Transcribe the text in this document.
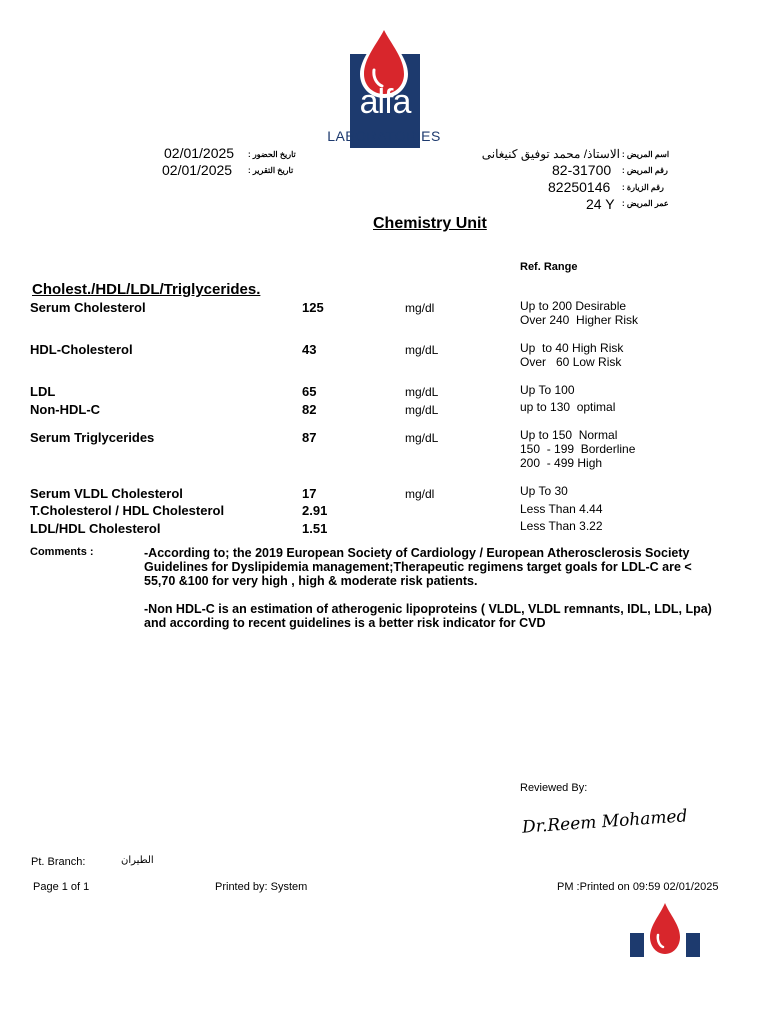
alfa
LABORATORIES
02/01/2025 تاريخ الحضور :
02/01/2025 تاريخ التقرير :
الاستاذ/ محمد توفيق كنيغانى اسم المريض :
82-31700 رقم المريض :
82250146 رقم الزيارة :
24 Y عمر المريض :
Chemistry Unit
Ref. Range
Cholest./HDL/LDL/Triglycerides.
Serum Cholesterol	125	mg/dl	Up to 200 Desirable
Over 240  Higher Risk
HDL-Cholesterol	43	mg/dL	Up  to 40 High Risk
Over   60 Low Risk
LDL	65	mg/dL	Up To 100
Non-HDL-C	82	mg/dL	up to 130  optimal
Serum Triglycerides	87	mg/dL	Up to 150  Normal
150  - 199  Borderline
200  - 499 High
Serum VLDL Cholesterol	17	mg/dl	Up To 30
T.Cholesterol / HDL Cholesterol	2.91	Less Than 4.44
LDL/HDL Cholesterol	1.51	Less Than 3.22
Comments :	-According to; the 2019 European Society of Cardiology / European Atherosclerosis Society Guidelines for Dyslipidemia management;Therapeutic regimens target goals for LDL-C are < 55,70 &100 for very high , high & moderate risk patients.
-Non HDL-C is an estimation of atherogenic lipoproteins ( VLDL, VLDL remnants, IDL, LDL, Lpa) and according to recent guidelines is a better risk indicator for CVD
Reviewed By:
Dr.Reem Mohamed
Pt. Branch:	الطيران
Page 1 of 1	Printed by: System	PM :Printed on 09:59 02/01/2025
